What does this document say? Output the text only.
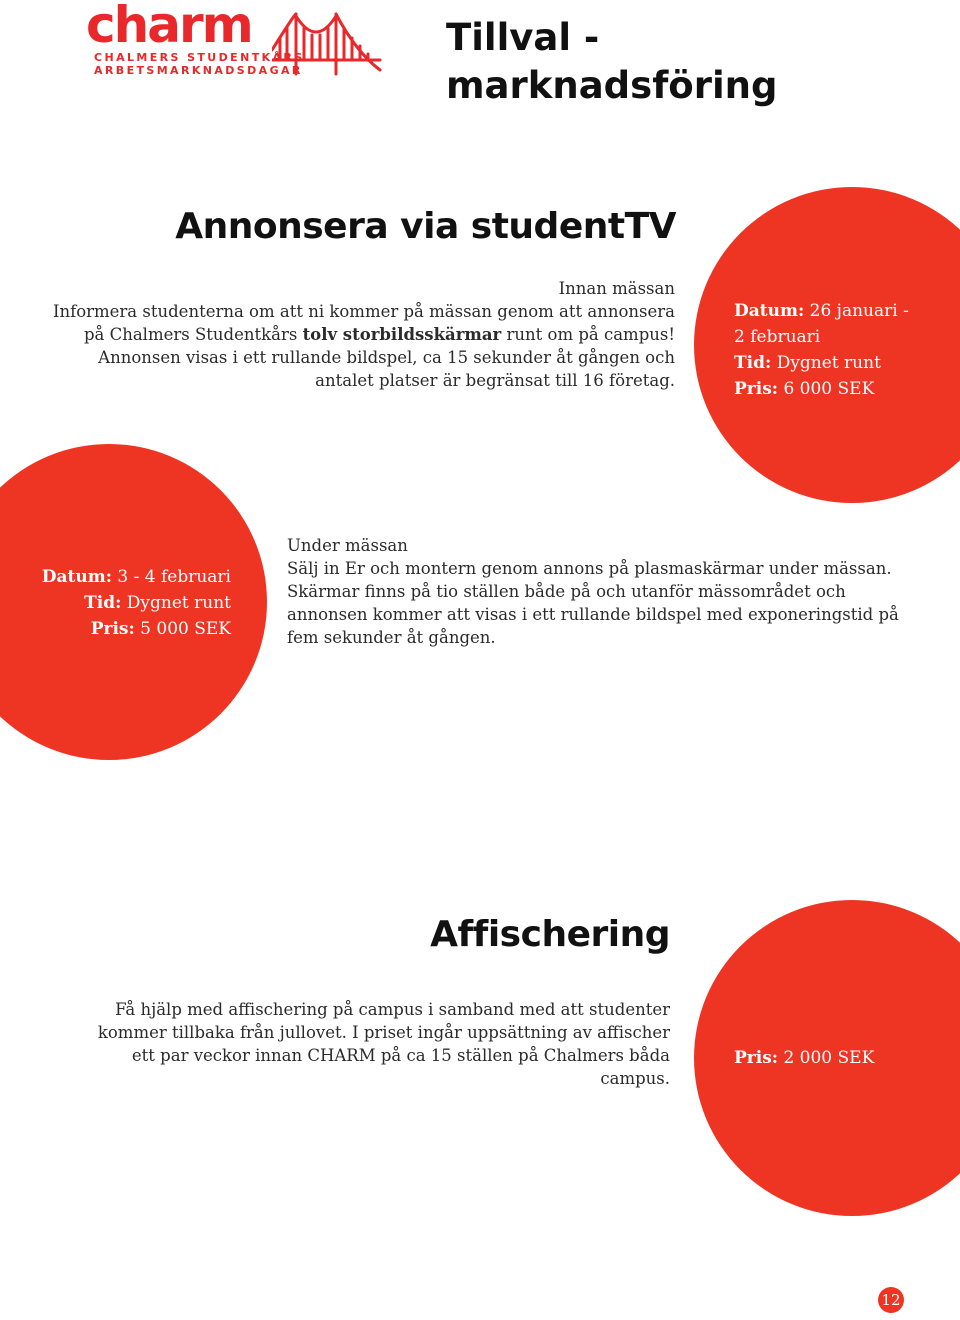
charm
CHALMERS STUDENTKÅRS
ARBETSMARKNADSDAGAR
Tillval - marknadsföring
Annonsera via studentTV
Innan mässan
Informera studenterna om att ni kommer på mässan genom att annonsera på Chalmers Studentkårs tolv storbildsskärmar runt om på campus! Annonsen visas i ett rullande bildspel, ca 15 sekunder åt gången och antalet platser är begränsat till 16 företag.
Datum: 26 januari - 2 februari
Tid: Dygnet runt
Pris: 6 000 SEK
Datum: 3 - 4 februari
Tid: Dygnet runt
Pris: 5 000 SEK
Under mässan
Sälj in Er och montern genom annons på plasmaskärmar under mässan. Skärmar finns på tio ställen både på och utanför mässområdet och annonsen kommer att visas i ett rullande bildspel med exponeringstid på fem sekunder åt gången.
Affischering
Få hjälp med affischering på campus i samband med att studenter kommer tillbaka från jullovet. I priset ingår uppsättning av affischer ett par veckor innan CHARM på ca 15 ställen på Chalmers båda campus.
Pris: 2 000 SEK
12
